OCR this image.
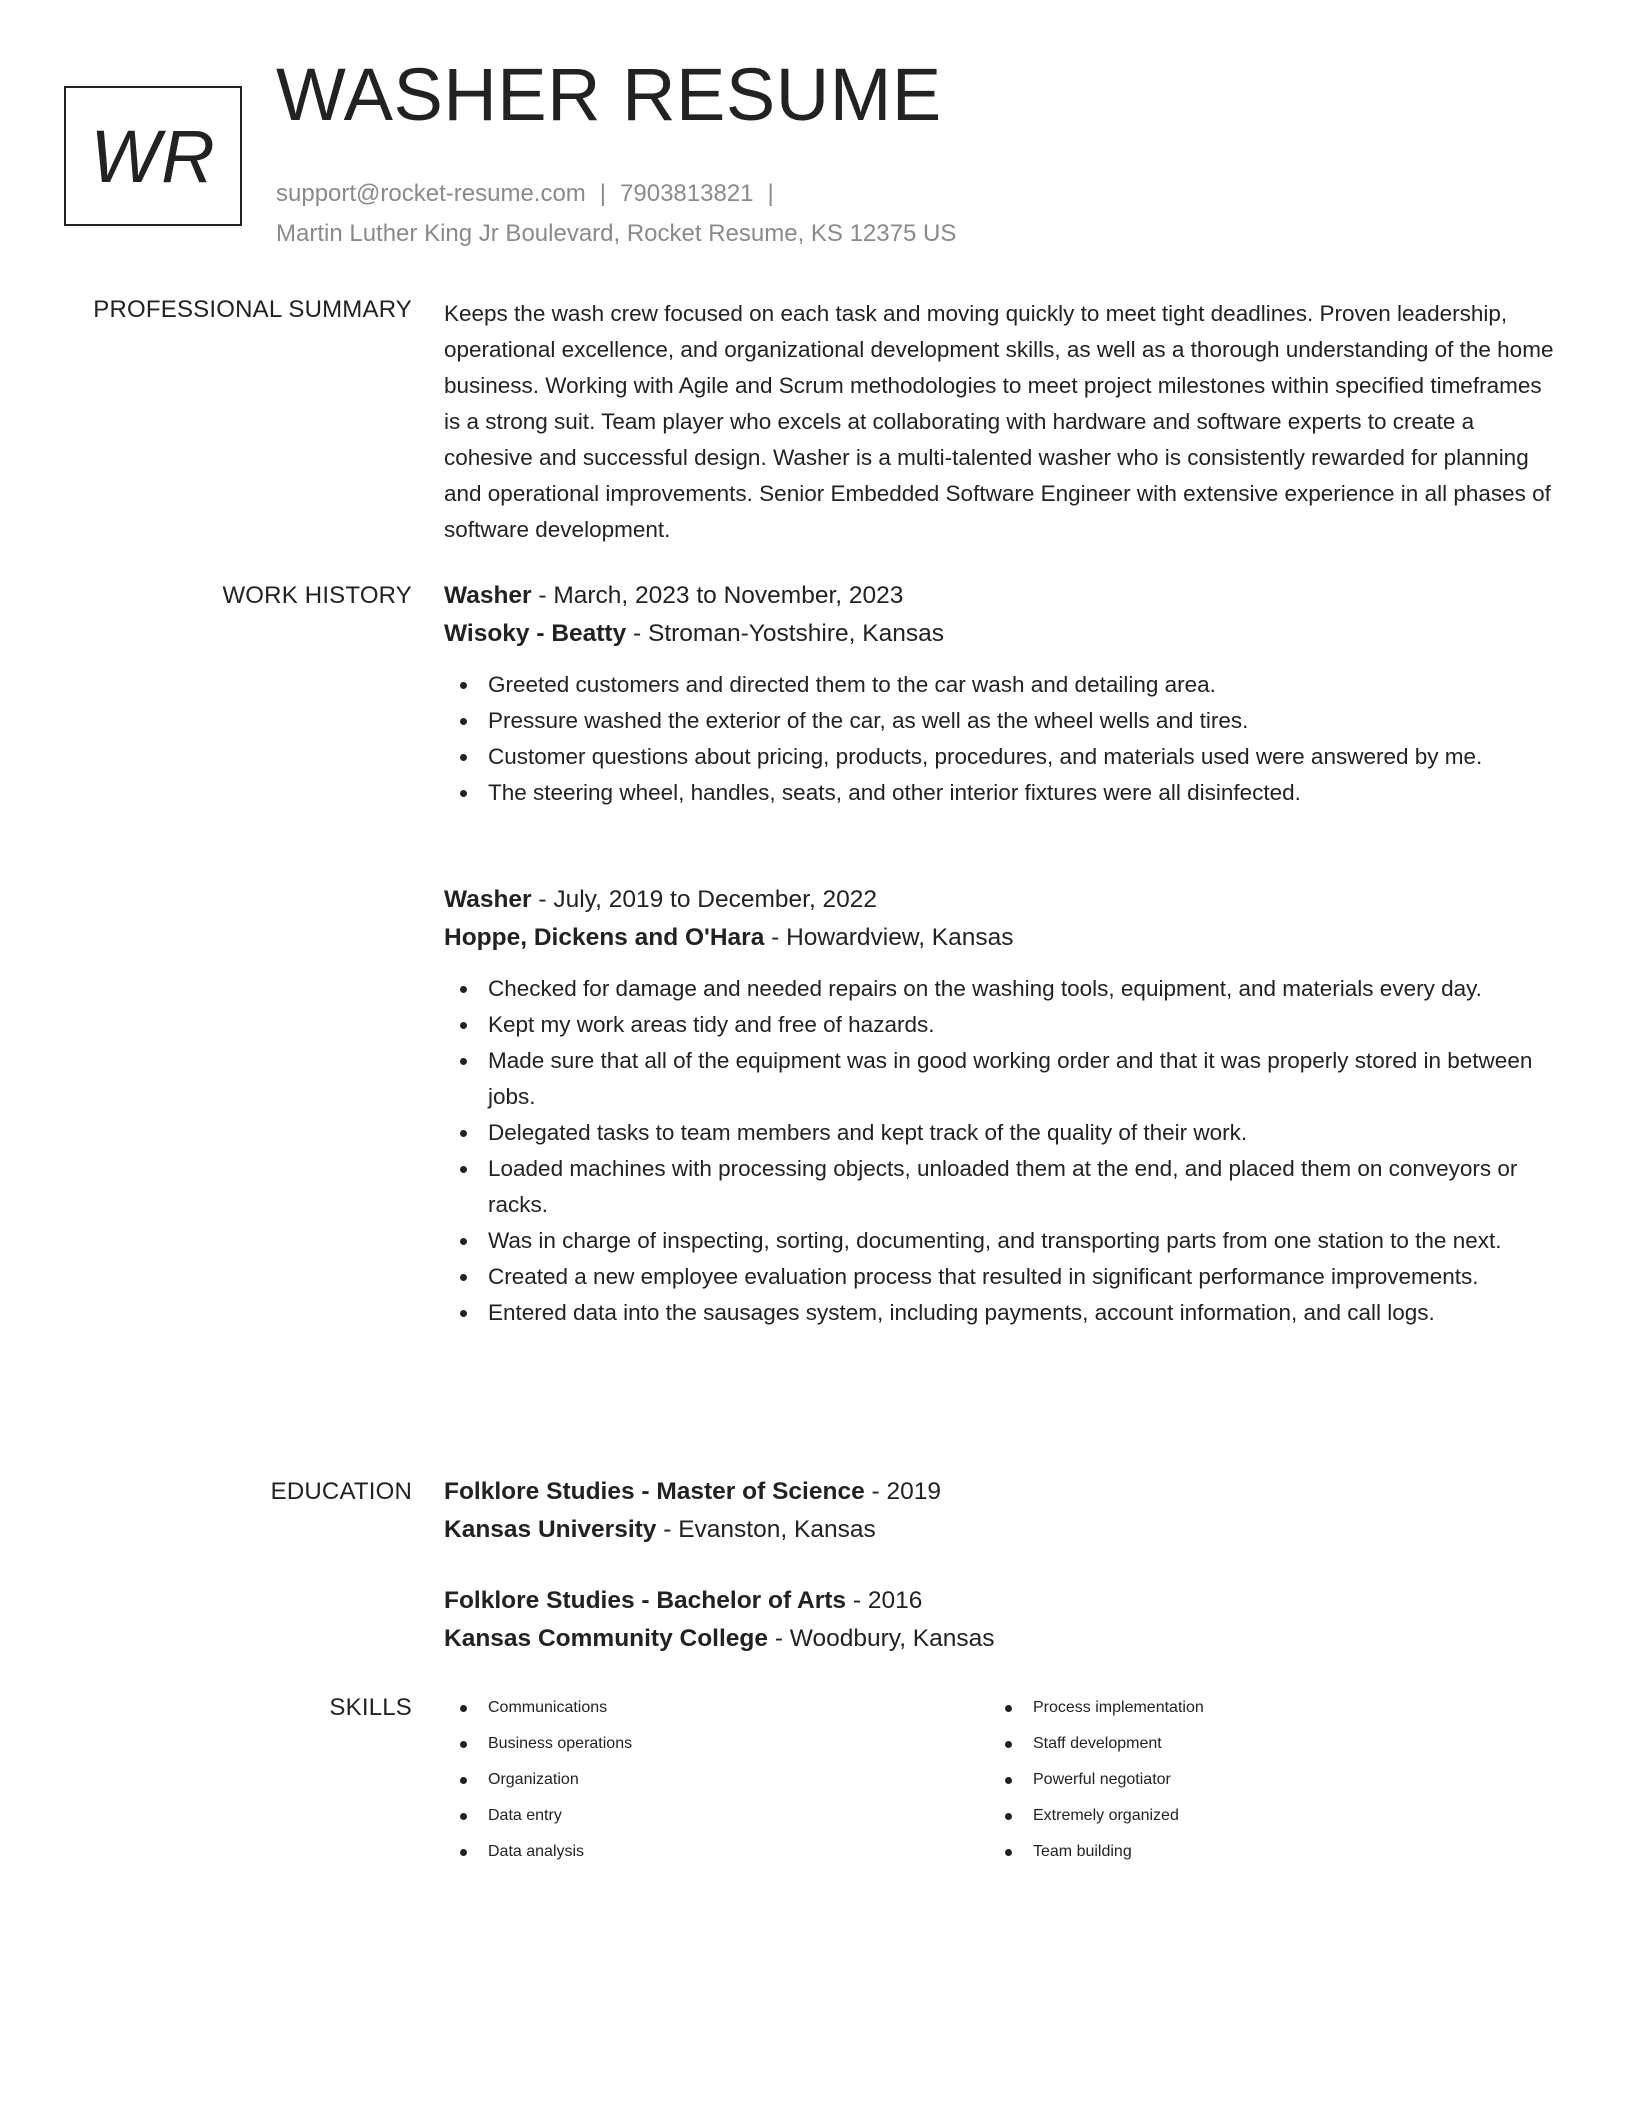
WR
WASHER RESUME
support@rocket-resume.com | 7903813821 |
Martin Luther King Jr Boulevard, Rocket Resume, KS 12375 US
PROFESSIONAL SUMMARY Keeps the wash crew focused on each task and moving quickly to meet tight deadlines. Proven leadership, operational excellence, and organizational development skills, as well as a thorough understanding of the home business. Working with Agile and Scrum methodologies to meet project milestones within specified timeframes is a strong suit. Team player who excels at collaborating with hardware and software experts to create a cohesive and successful design. Washer is a multi-talented washer who is consistently rewarded for planning and operational improvements. Senior Embedded Software Engineer with extensive experience in all phases of software development.
WORK HISTORY Washer - March, 2023 to November, 2023
Wisoky - Beatty - Stroman-Yostshire, Kansas
Greeted customers and directed them to the car wash and detailing area.
Pressure washed the exterior of the car, as well as the wheel wells and tires.
Customer questions about pricing, products, procedures, and materials used were answered by me.
The steering wheel, handles, seats, and other interior fixtures were all disinfected.
Washer - July, 2019 to December, 2022
Hoppe, Dickens and O'Hara - Howardview, Kansas
Checked for damage and needed repairs on the washing tools, equipment, and materials every day.
Kept my work areas tidy and free of hazards.
Made sure that all of the equipment was in good working order and that it was properly stored in between jobs.
Delegated tasks to team members and kept track of the quality of their work.
Loaded machines with processing objects, unloaded them at the end, and placed them on conveyors or racks.
Was in charge of inspecting, sorting, documenting, and transporting parts from one station to the next.
Created a new employee evaluation process that resulted in significant performance improvements.
Entered data into the sausages system, including payments, account information, and call logs.
EDUCATION Folklore Studies - Master of Science - 2019
Kansas University - Evanston, Kansas
Folklore Studies - Bachelor of Arts - 2016
Kansas Community College - Woodbury, Kansas
SKILLS	Communications
Business operations
Organization
Data entry
Data analysis
Process implementation
Staff development
Powerful negotiator
Extremely organized
Team building
